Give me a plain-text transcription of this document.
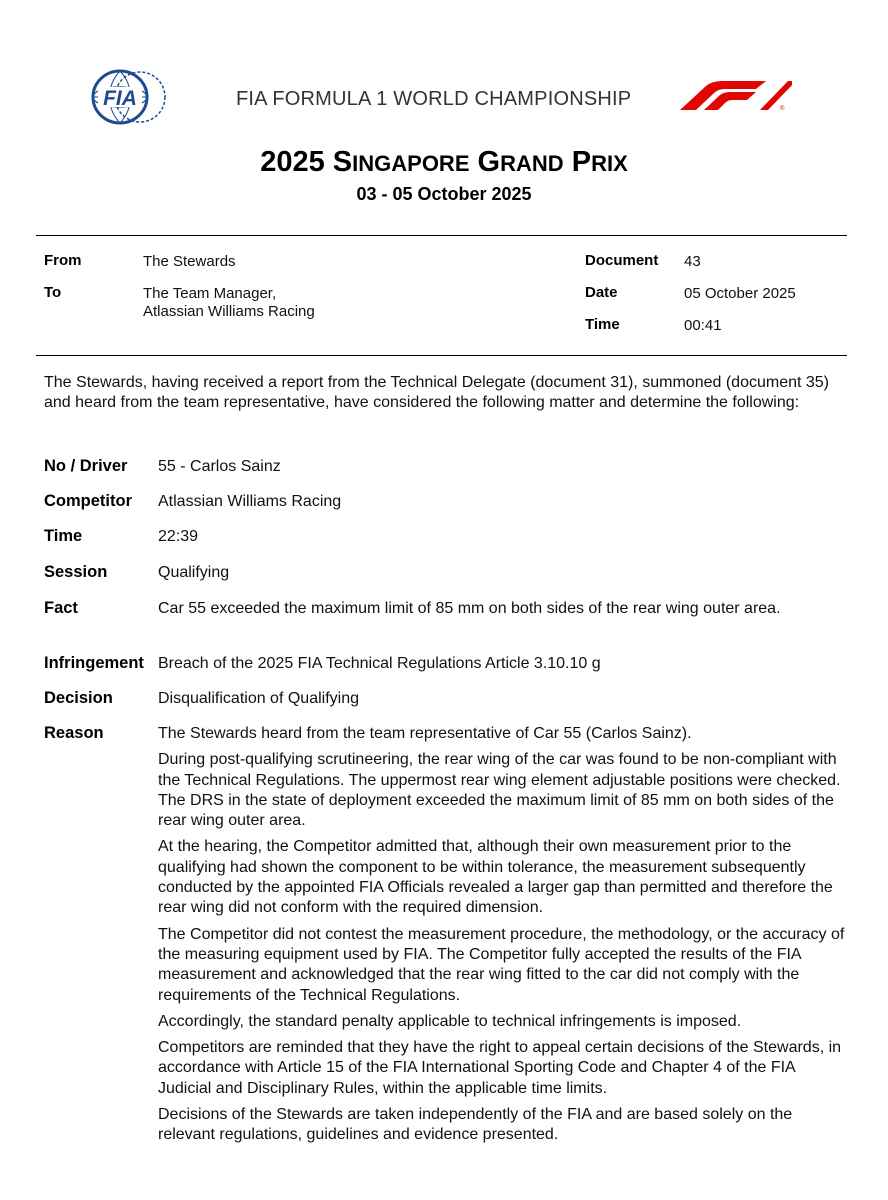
FIA	FIA FORMULA 1 WORLD CHAMPIONSHIP	®
2025 SINGAPORE GRAND PRIX
03 - 05 October 2025
From	The Stewards
To	The Team Manager,
Atlassian Williams Racing
Document 43
Date	05 October 2025
Time	00:41
The Stewards, having received a report from the Technical Delegate (document 31), summoned (document 35) and heard from the team representative, have considered the following matter and determine the following:
No / Driver 55 - Carlos Sainz
Competitor Atlassian Williams Racing
Time	22:39
Session	Qualifying
Fact	Car 55 exceeded the maximum limit of 85 mm on both sides of the rear wing outer area.
Infringement Breach of the 2025 FIA Technical Regulations Article 3.10.10 g
Decision	Disqualification of Qualifying
Reason	The Stewards heard from the team representative of Car 55 (Carlos Sainz).

During post-qualifying scrutineering, the rear wing of the car was found to be non-compliant with the Technical Regulations. The uppermost rear wing element adjustable positions were checked. The DRS in the state of deployment exceeded the maximum limit of 85 mm on both sides of the rear wing outer area.

At the hearing, the Competitor admitted that, although their own measurement prior to the qualifying had shown the component to be within tolerance, the measurement subsequently conducted by the appointed FIA Officials revealed a larger gap than permitted and therefore the rear wing did not conform with the required dimension.

The Competitor did not contest the measurement procedure, the methodology, or the accuracy of the measuring equipment used by FIA. The Competitor fully accepted the results of the FIA measurement and acknowledged that the rear wing fitted to the car did not comply with the requirements of the Technical Regulations.

Accordingly, the standard penalty applicable to technical infringements is imposed.

Competitors are reminded that they have the right to appeal certain decisions of the Stewards, in accordance with Article 15 of the FIA International Sporting Code and Chapter 4 of the FIA Judicial and Disciplinary Rules, within the applicable time limits.

Decisions of the Stewards are taken independently of the FIA and are based solely on the relevant regulations, guidelines and evidence presented.
